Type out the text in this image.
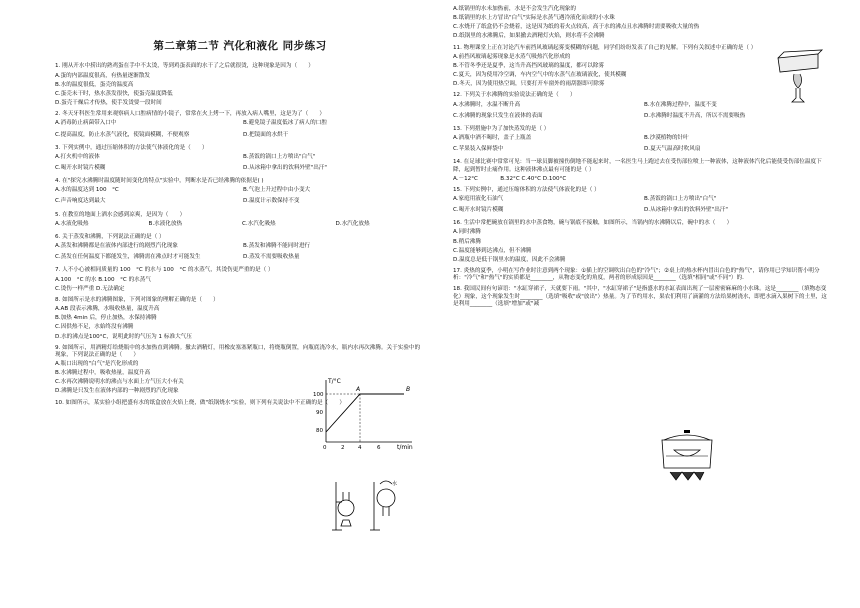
第二章第二节 汽化和液化 同步练习
1. 刚从开水中捞出的熟鸡蛋在手中不太烫，等到鸡蛋表面的水干了之后就很烫，这种现象是因为（　　）
A.蛋的内部温度很高，有热量逐渐散发
B.水的温度很低，蛋壳的温度高
C.蛋壳未干时，热水蒸发很快，使蛋壳温度降低
D.蛋壳干燥后才传热，使手发烫要一段时间
2. 冬天牙科医生常用来观察病人口腔病情的小镜子，常常在火上烤一下，再放入病人嘴里，这是为了（　　）
A.消毒防止病菌带入口中	B.避免镜子温度低冰了病人的口腔
C.提高温度，防止水蒸气液化，使镜面模糊，不便观察	D.把镜面的水烘干
3. 下列实例中，通过压缩体积的方法使气体液化的是（　　）
A.打火机中的液体	B.蒸饭的锅口上方喷出"白气"
C.喝开水时镜片模糊	D.从冰箱中拿出的饮料外壁"出汗"
4. 在"探究水沸腾时温度随时间变化的特点"实验中，判断水是否已经沸腾的依据是( )
A.水的温度达到 100　°C	B.气泡上升过程中由小变大
C.声音响度达到最大	D.温度计示数保持不变
5. 在教室的地面上洒水会感到凉爽，是因为（　　）
A.水液化吸热	B.水液化放热	C.水汽化吸热	D.水汽化放热
6. 关于蒸发和沸腾，下列说法正确的是（ ）
A.蒸发和沸腾都是在液体内部进行的剧烈汽化现象	B.蒸发和沸腾不能同时进行
C.蒸发在任何温度下都能发生，沸腾需在沸点时才可能发生	D.蒸发不需要吸收热量
7. 人不小心被相同质量的 100　°C 的水与 100　°C 的水蒸气，其烫伤更严重的是（ ）
A.100　°C 的水 B.100　°C 的水蒸气
C.烫伤一样严重 D.无法确定
8. 如图所示是水的沸腾图象，下列对图象的理解正确的是（　　）
A.AB 段表示沸腾，水吸收热量，温度升高
B.加热 4min 后，停止加热，水保持沸腾
C.因供热不足，水始终没有沸腾
D.水的沸点是100°C，说明此时的气压为 1 标准大气压
9. 如图所示，用酒精灯给烧瓶中的水加热直到沸腾。撤去酒精灯，用橡皮塞塞紧瓶口，将烧瓶倒置，向瓶底浇冷水，瓶内水再次沸腾。关于实验中的现象，下列说法正确的是（　　）
A.瓶口出现的"白气"是汽化形成的
B.水沸腾过程中，吸收热量，温度升高
C.水再次沸腾说明水的沸点与水面上方气压大小有关
D.沸腾是只发生在液体内部的一种剧烈的汽化现象
10. 如图所示，某实验小组把盛有水的纸盒放在火焰上烧，做"纸锅烧水"实验，则下列有关说法中不正确的是（　　）
A.纸锅里的水未加热前，水是不会发生汽化现象的
B.纸锅里的水上方冒出"白气"实际是水蒸气遇冷液化而成的小水珠
C.水烧开了纸盒仍不会烧着，这是因为纸的着火点较高，高于水的沸点且水沸腾时需要吸收大量的热
D.纸锅里的水沸腾后，如果撤去酒精灯火焰，则水将不会沸腾
11. 物理课堂上正在讨论汽车前挡风玻璃起雾变模糊的问题，同学们纷纷发表了自己的见解。下列有关叙述中正确的是（ ）
A.前挡风玻璃起雾现象是水蒸气吸热汽化形成的
B.不管冬季还是夏季，这当升高挡风玻璃的温度，都可以除雾
C.夏天，因为使用冷空调，车内空气中的水蒸气在玻璃液化，使其模糊
D.冬天，因为使用热空调，只要打开车窗外的雨刮器即可除雾
12. 下列关于水沸腾的实验说法正确的是（　　）
A.水沸腾时，水温不断升高	B.水在沸腾过程中，温度不变
C.水沸腾的现象只发生在液体的表面	D.水沸腾时温度不升高，所以不需要吸热
13. 下列措施中为了加快蒸发的是（ ）
A.酒瓶中酒不喝时，盖子上瓶盖	B.沙漠植物的针叶
C.苹果装入保鲜袋中	D.夏天气温高时吹风扇
14. 在足球比赛中常常可见：当一球员脚被撞伤倒地不能起来时，一名医生马上跑过去在受伤部位喷上一种液体，这种液体汽化后能使受伤部位温度下降，起到暂时止痛作用。这种液体沸点最有可能的是（ ）
A.－12°C　　　　B.32°C C.40°C D.100°C
15. 下列实例中，通过压缩体积的方法使气体液化的是（ ）
A.家庭用液化石油气	B.蒸饭的锅口上方喷出"白气"
C.喝开水时镜片模糊	D.从冰箱中拿出的饮料外壁"出汗"
16. 生活中常把碗放在锅里的水中蒸食物，碗与锅底不接触，如图所示，当锅内的水沸腾以后，碗中的水（　　）
A.同时沸腾
B.稍后沸腾
C.温度能够到达沸点，但不沸腾
D.温度总是低于锅里水的温度，因此不会沸腾
17. 炎热的夏季，小明在写作业时注意到两个现象：①插上的空调吹出白色的"冷气"；②桌上的热水杯内冒出白色的"热气"，请你用已学知识帮小明分析："冷气"和"热气"的实质都是________，从物态变化的角度，两者的形成原因是________（选填"相同"或"不同"）的．
18. 我国民间有句谚语："水缸穿裙子，天就要下雨。"其中，"水缸穿裙子"是指盛水的水缸表面出现了一层密密麻麻的小水珠。这是________（填物态变化）现象，这个现象发生时________（选填"吸收"或"放出"）热量。为了节约用水，果农们利用了滴灌的方法给果树浇水，即把水滴入果树下的土里，这是利用________（选填"增加"或"减
T/°C
t/min
100
90
80
0	2 4	6
A	B
水
